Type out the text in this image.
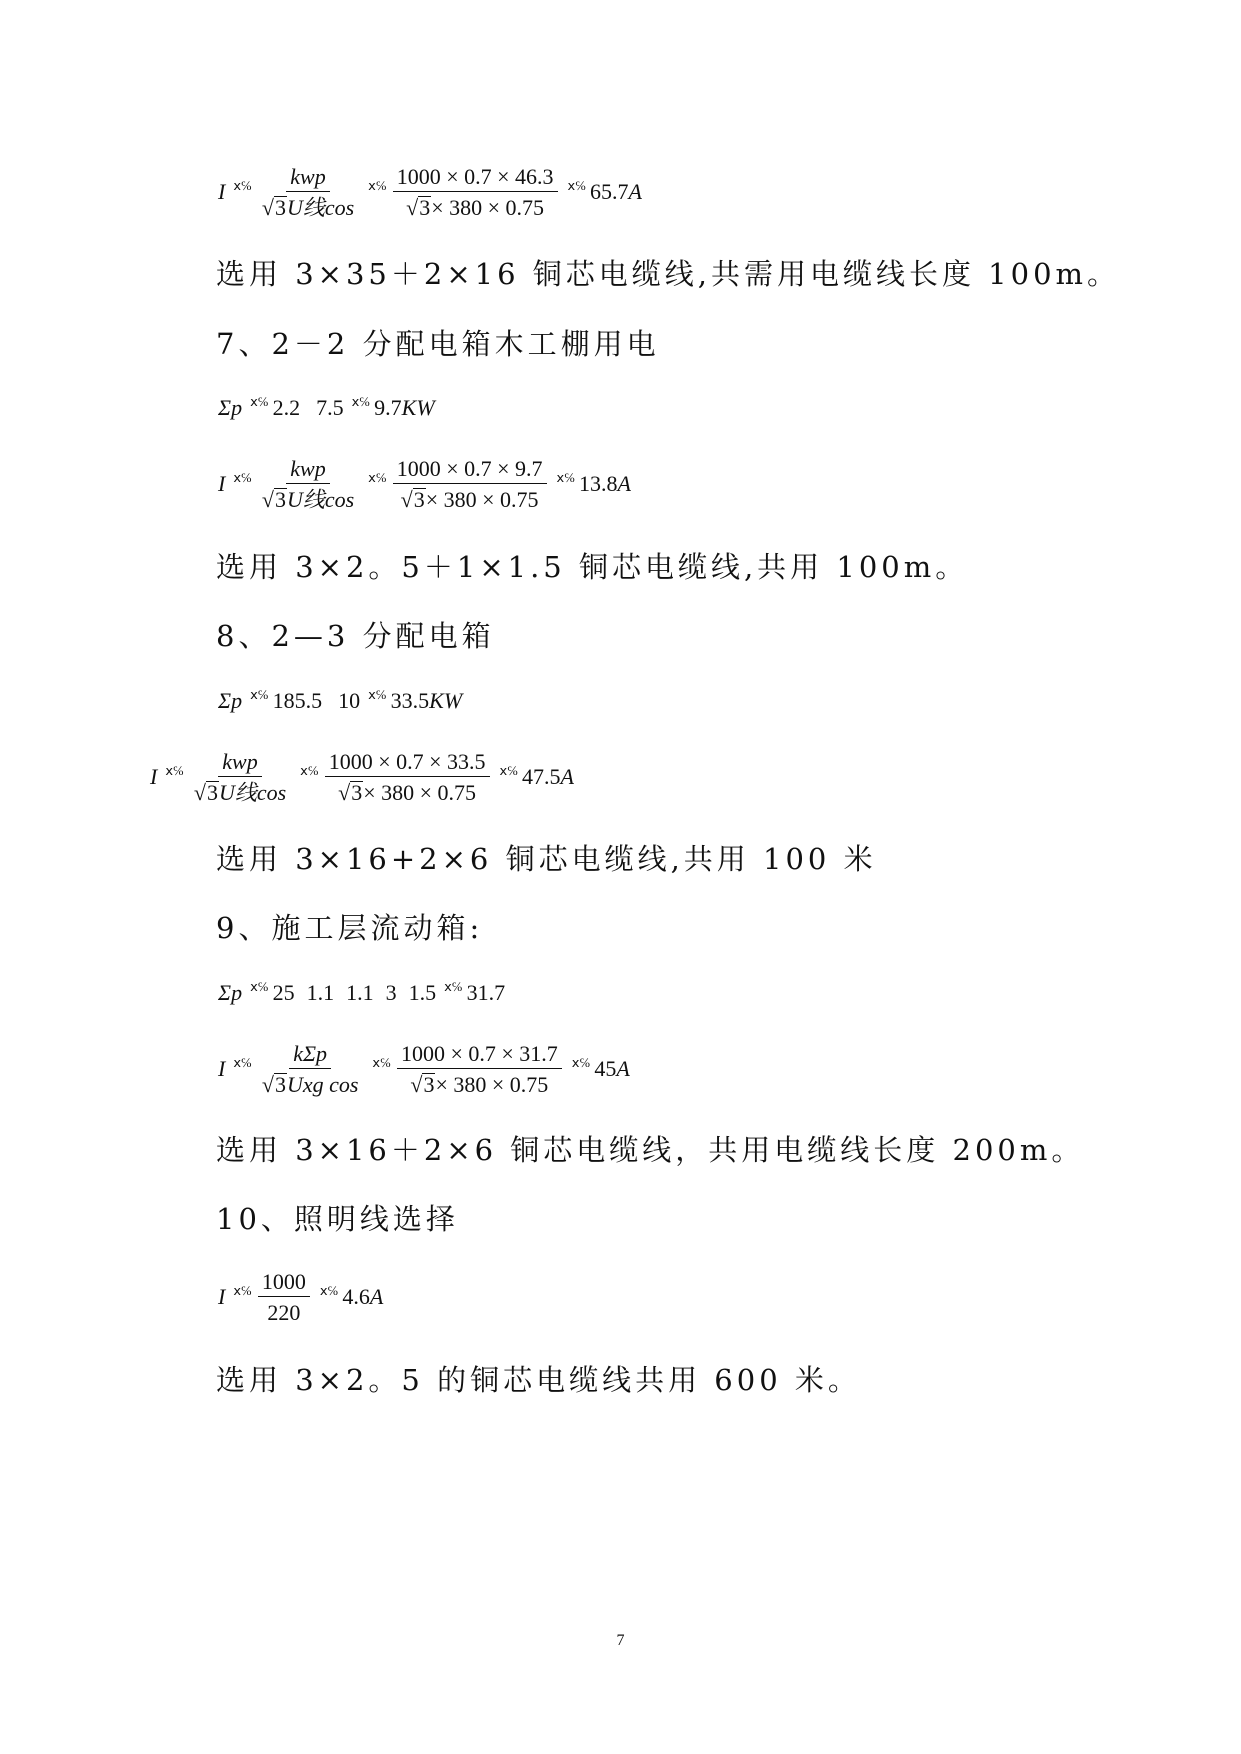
I ⅹ℅ $\frac{\text{kwp}}{\text{√ 3 U线cos}}$ ⅹ℅ $\frac{1000 \times 0.7 \times 46.3}{√ 3 \times 380 \times 0.75}$ ⅹ℅ 65.7 A
选用 3×35＋2×16 铜芯电缆线,共需用电缆线长度 100m。
7、2－2 分配电箱木工棚用电
Σp ⅹ℅ 2.2 7.5 ⅹ℅ 9.7 KW
I ⅹ℅ $\frac{\text{kwp}}{\text{√ 3 U线cos}}$ ⅹ℅ $\frac{1000 \times 0.7 \times 9.7}{√ 3 \times 380 \times 0.75}$ ⅹ℅ 13.8 A
选用 3×2。5＋1×1.5 铜芯电缆线,共用 100m。
8、2—3 分配电箱
Σp ⅹ℅ 185.5 10 ⅹ℅ 33.5 KW
I ⅹ℅ $\frac{\text{kwp}}{\text{√ 3 U线cos}}$ ⅹ℅ $\frac{1000 \times 0.7 \times 33.5}{√ 3 \times 380 \times 0.75}$ ⅹ℅ 47.5 A
选用 3×16+2×6 铜芯电缆线,共用 100 米
9、施工层流动箱:
Σp ⅹ℅ 25 1.1 1.1 3 1.5 ⅹ℅ 31.7
I ⅹ℅ $\frac{\text{kΣp}}{\text{√ 3 Uxg cos}}$ ⅹ℅ $\frac{1000 \times 0.7 \times 31.7}{√ 3 \times 380 \times 0.75}$ ⅹ℅ 45 A
选用 3×16＋2×6 铜芯电缆线，共用电缆线长度 200m。
10、照明线选择
I ⅹ℅ $\frac{1000}{220}$ ⅹ℅ 4.6 A
选用 3×2。5 的铜芯电缆线共用 600 米。
7
